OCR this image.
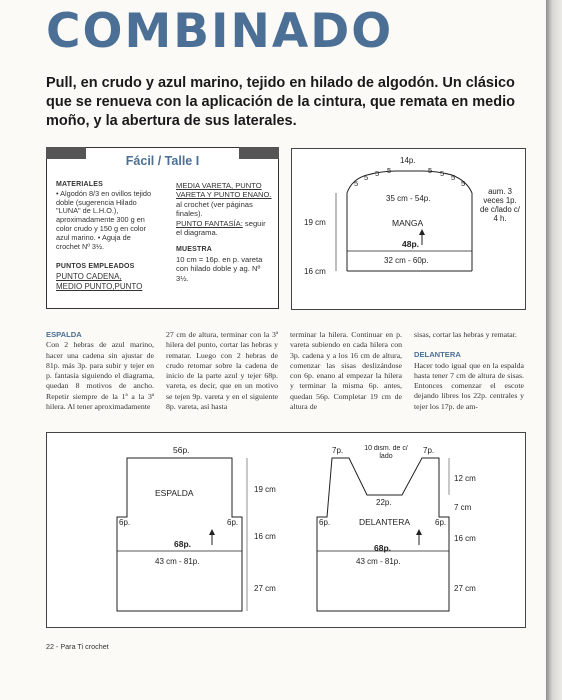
COMBINADO
Pull, en crudo y azul marino, tejido en hilado de algodón. Un clásico que se renueva con la aplicación de la cintura, que remata en medio moño, y la abertura de sus laterales.
Fácil / Talle I
MATERIALES
• Algodón 8/3 en ovillos tejido doble (sugerencia Hilado "LUNA" de L.H.O.), aproximadamente 300 g en color crudo y 150 g en color azul marino. • Aguja de crochet Nº 3½.
PUNTOS EMPLEADOS
PUNTO CADENA,
MEDIO PUNTO,PUNTO
MEDIA VARETA, PUNTO VARETA Y PUNTO ENANO. al crochet (ver páginas finales).
PUNTO FANTASÍA: seguir el diagrama.
MUESTRA
10 cm = 16p. en p. vareta con hilado doble y ag. Nº 3½.
14p.
5
5 5 5	5 5 5
5
35 cm - 54p.
MANGA
19 cm
48p.
32 cm - 60p.
16 cm
aum. 3 veces 1p. de c/lado c/ 4 h.
ESPALDA
Con 2 hebras de azul marino, hacer una cadena sin ajustar de 81p. más 3p. para subir y tejer en p. fantasía siguiendo el diagrama, quedan 8 motivos de ancho. Repetir siempre de la 1ª a la 3ª hilera. Al tener aproximadamente
27 cm de altura, terminar con la 3ª hilera del punto, cortar las hebras y rematar. Luego con 2 hebras de crudo retomar sobre la cadena de inicio de la parte azul y tejer 68p. vareta, es decir, que en un motivo se tejen 9p. vareta y en el siguiente 8p. vareta, así hasta
terminar la hilera. Continuar en p. vareta subiendo en cada hilera con 3p. cadena y a los 16 cm de altura, comenzar las sisas deslizándose con 6p. enano al empezar la hilera y terminar la misma 6p. antes, quedan 56p. Completar 19 cm de altura de
sisas, cortar las hebras y rematar.
DELANTERA
Hacer todo igual que en la espalda hasta tener 7 cm de altura de sisas. Entonces comenzar el escote dejando libres los 22p. centrales y tejer los 17p. de am-
56p.
ESPALDA	19 cm
6p.	6p.
16 cm
68p.
43 cm - 81p.
27 cm
7p.	7p.
10 dism. de c/ lado
12 cm
22p.
7 cm
DELANTERA
6p.	6p.
16 cm
68p.
43 cm - 81p.
27 cm
22 - Para Ti crochet
